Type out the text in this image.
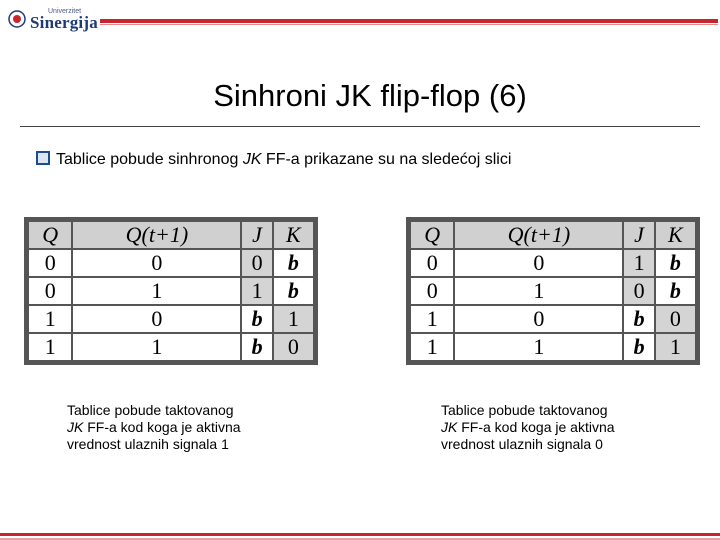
Univerzitet
Sinergija
Sinhroni JK flip-flop (6)
Tablice pobude sinhronog JK FF-a prikazane su na sledećoj slici
Q	Q(t+1)	J	K
0	0	0	b
0	1	1	b
1	0	b	1
1	1	b	0
Q	Q(t+1)	J	K
0	0	1	b
0	1	0	b
1	0	b	0
1	1	b	1
Tablice pobude taktovanog
JK FF-a kod koga je aktivna
vrednost ulaznih signala 1
Tablice pobude taktovanog
JK FF-a kod koga je aktivna
vrednost ulaznih signala 0
